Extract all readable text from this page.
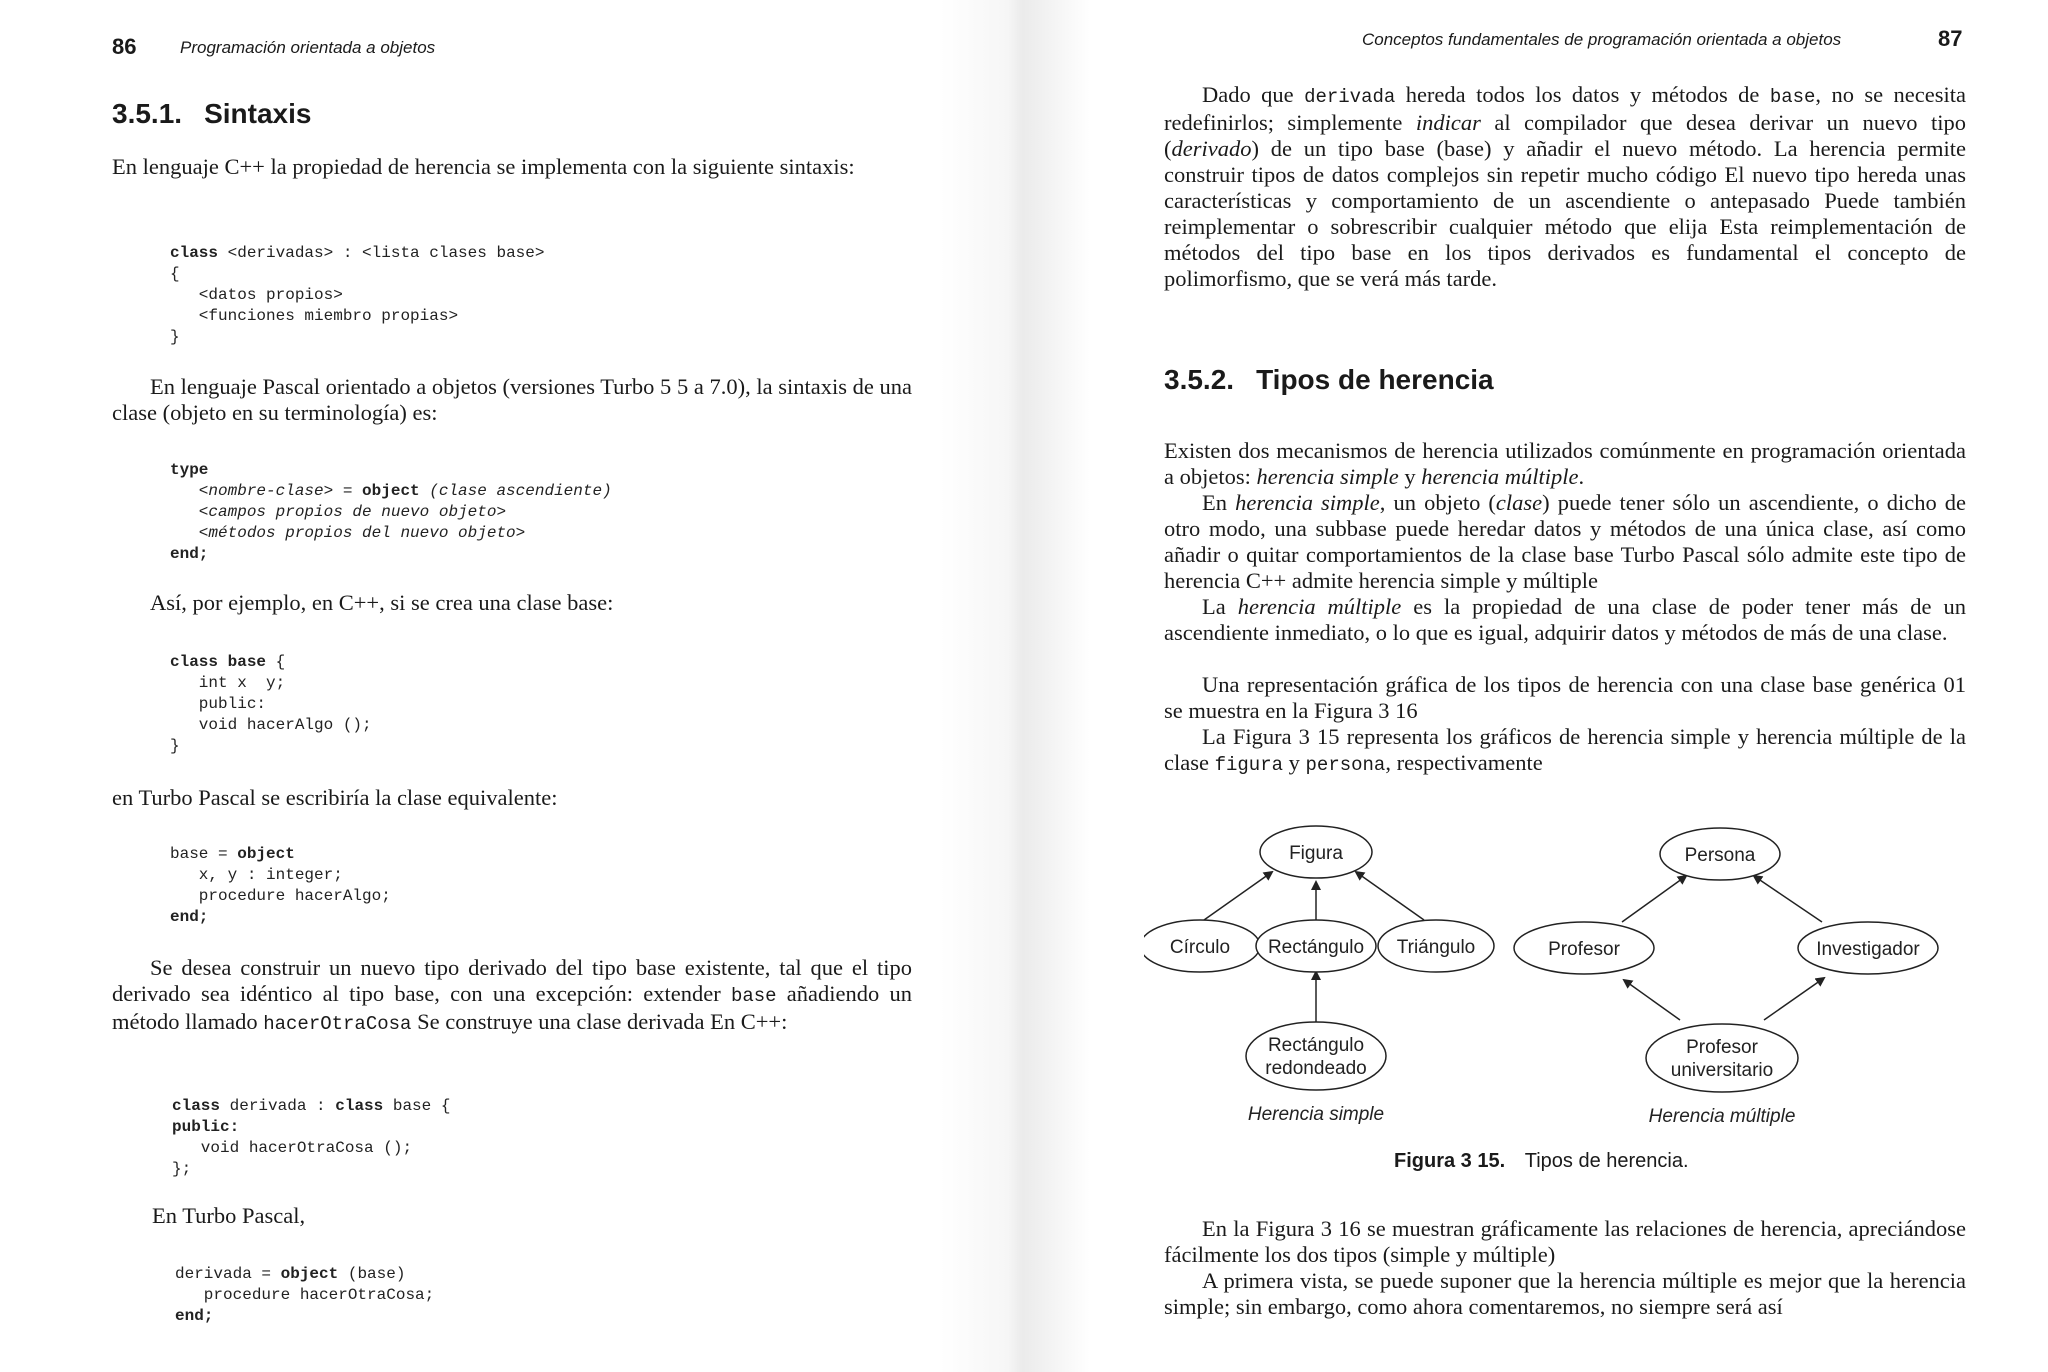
86	Programación orientada a objetos
3.5.1. Sintaxis

En lenguaje C++ la propiedad de herencia se implementa con la siguiente sintaxis:

class <derivadas> : <lista clases base>
{
<datos propios>
<funciones miembro propias>
}

En lenguaje Pascal orientado a objetos (versiones Turbo 5 5 a 7.0), la sintaxis de una clase (objeto en su terminología) es:

type
<nombre-clase> = object (clase ascendiente)
<campos propios de nuevo objeto>
<métodos propios del nuevo objeto>
end;

Así, por ejemplo, en C++, si se crea una clase base:

class base {
int x  y;
public:
void hacerAlgo ();
}

en Turbo Pascal se escribiría la clase equivalente:

base = object
x, y : integer;
procedure hacerAlgo;
end;

Se desea construir un nuevo tipo derivado del tipo base existente, tal que el tipo derivado sea idéntico al tipo base, con una excepción: extender base añadiendo un método llamado hacerOtraCosa Se construye una clase derivada En C++:

class derivada : class base {
public:
void hacerOtraCosa ();
};

En Turbo Pascal,

derivada = object (base)
procedure hacerOtraCosa;
end;
Conceptos fundamentales de programación orientada a objetos	87

Dado que derivada hereda todos los datos y métodos de base, no se necesita redefinirlos; simplemente indicar al compilador que desea derivar un nuevo tipo (derivado) de un tipo base (base) y añadir el nuevo método. La herencia permite construir tipos de datos complejos sin repetir mucho código El nuevo tipo hereda unas características y comportamiento de un ascendiente o antepasado Puede también reimplementar o sobrescribir cualquier método que elija Esta reimplementación de métodos del tipo base en los tipos derivados es fundamental el concepto de polimorfismo, que se verá más tarde.

3.5.2. Tipos de herencia

Existen dos mecanismos de herencia utilizados comúnmente en programación orientada a objetos: herencia simple y herencia múltiple.

En herencia simple, un objeto (clase) puede tener sólo un ascendiente, o dicho de otro modo, una subbase puede heredar datos y métodos de una única clase, así como añadir o quitar comportamientos de la clase base Turbo Pascal sólo admite este tipo de herencia C++ admite herencia simple y múltiple

La herencia múltiple es la propiedad de una clase de poder tener más de un ascendiente inmediato, o lo que es igual, adquirir datos y métodos de más de una clase.

Una representación gráfica de los tipos de herencia con una clase base genérica 01 se muestra en la Figura 3 16

La Figura 3 15 representa los gráficos de herencia simple y herencia múltiple de la clase figura y persona, respectivamente

Figura
Círculo Rectángulo Triángulo
Rectángulo
redondeado
Persona
Profesor	Investigador
Profesor
universitario
Herencia simple	Herencia múltiple
Figura 3 15. Tipos de herencia.

En la Figura 3 16 se muestran gráficamente las relaciones de herencia, apreciándose fácilmente los dos tipos (simple y múltiple)

A primera vista, se puede suponer que la herencia múltiple es mejor que la herencia simple; sin embargo, como ahora comentaremos, no siempre será así
